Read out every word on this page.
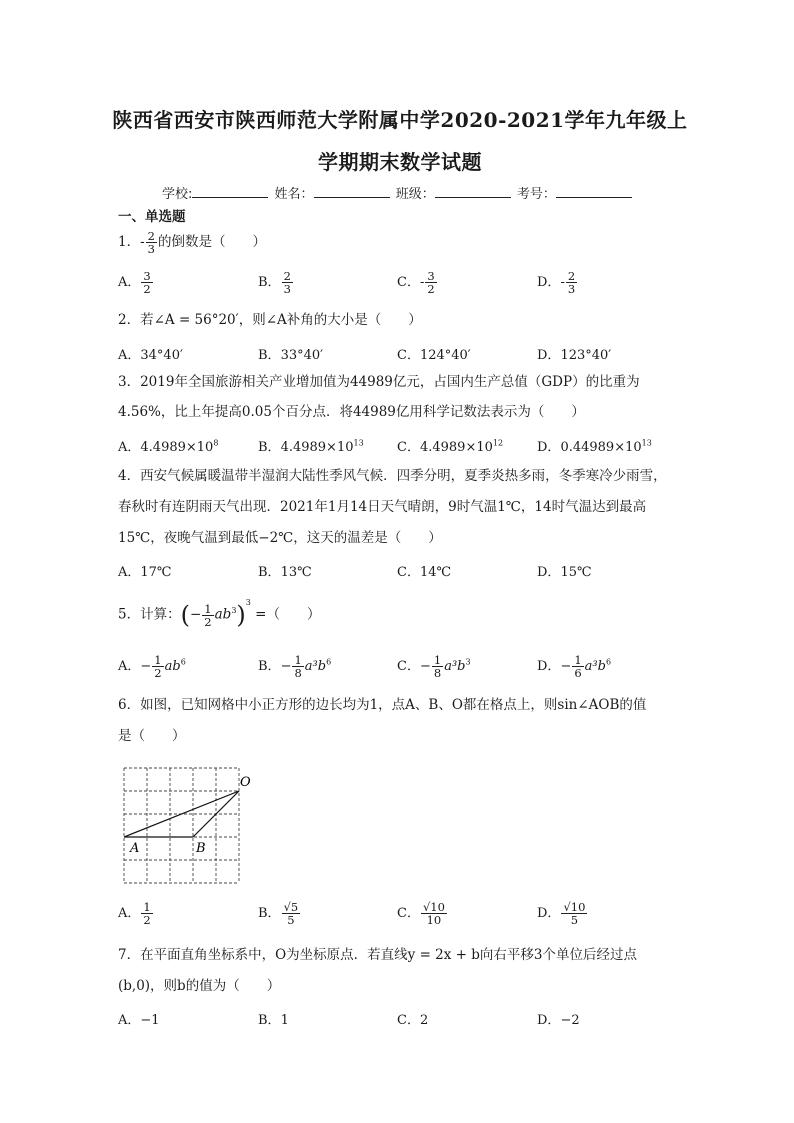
陕西省西安市陕西师范大学附属中学2020-2021学年九年级上
学期期末数学试题
学校:	姓名：	班级：	考号：
一、单选题
1．- $\frac{2}{3}$ 的倒数是（　　）
A． $\frac{3}{2}$	B． $\frac{2}{3}$	C．- $\frac{3}{2}$	D．- $\frac{2}{3}$
2．若∠A = 56°20′，则∠A补角的大小是（　　）
A．34°40′	B．33°40′	C．124°40′	D．123°40′
3．2019年全国旅游相关产业增加值为44989亿元，占国内生产总值（GDP）的比重为
4.56%，比上年提高0.05个百分点．将44989亿用科学记数法表示为（　　）
A．$4.4989\times 10^8$	B．$4.4989\times 10^{13}$	C．$4.4989\times 10^{12}$	D．$0.44989\times 10^{13}$
4．西安气候属暖温带半湿润大陆性季风气候．四季分明，夏季炎热多雨，冬季寒冷少雨雪，
春秋时有连阴雨天气出现．2021年1月14日天气晴朗，9时气温1℃，14时气温达到最高
15℃，夜晚气温到最低−2℃，这天的温差是（　　）
A．17℃	B．13℃	C．14℃	D．15℃
5．计算：(− $\frac{1}{2} ab^3)^3$ =（　　）
A．− $\frac{1}{2} ab^6$	B．− $\frac{1}{8} a^3b^6$	C．− $\frac{1}{8} a^3b^3$	D．− $\frac{1}{6} a^3b^6$
6．如图，已知网格中小正方形的边长均为1，点A、B、O都在格点上，则sin∠AOB的值
是（　　）
O
A	B
A． $\frac{1}{2}$	B． $\frac{√5}{5}$	C． $\frac{√10}{10}$	D． $\frac{√10}{5}$
7．在平面直角坐标系中，O为坐标原点．若直线y = 2x + b向右平移3个单位后经过点
(b,0)，则b的值为（　　）
A．−1	B．1	C．2	D．−2
